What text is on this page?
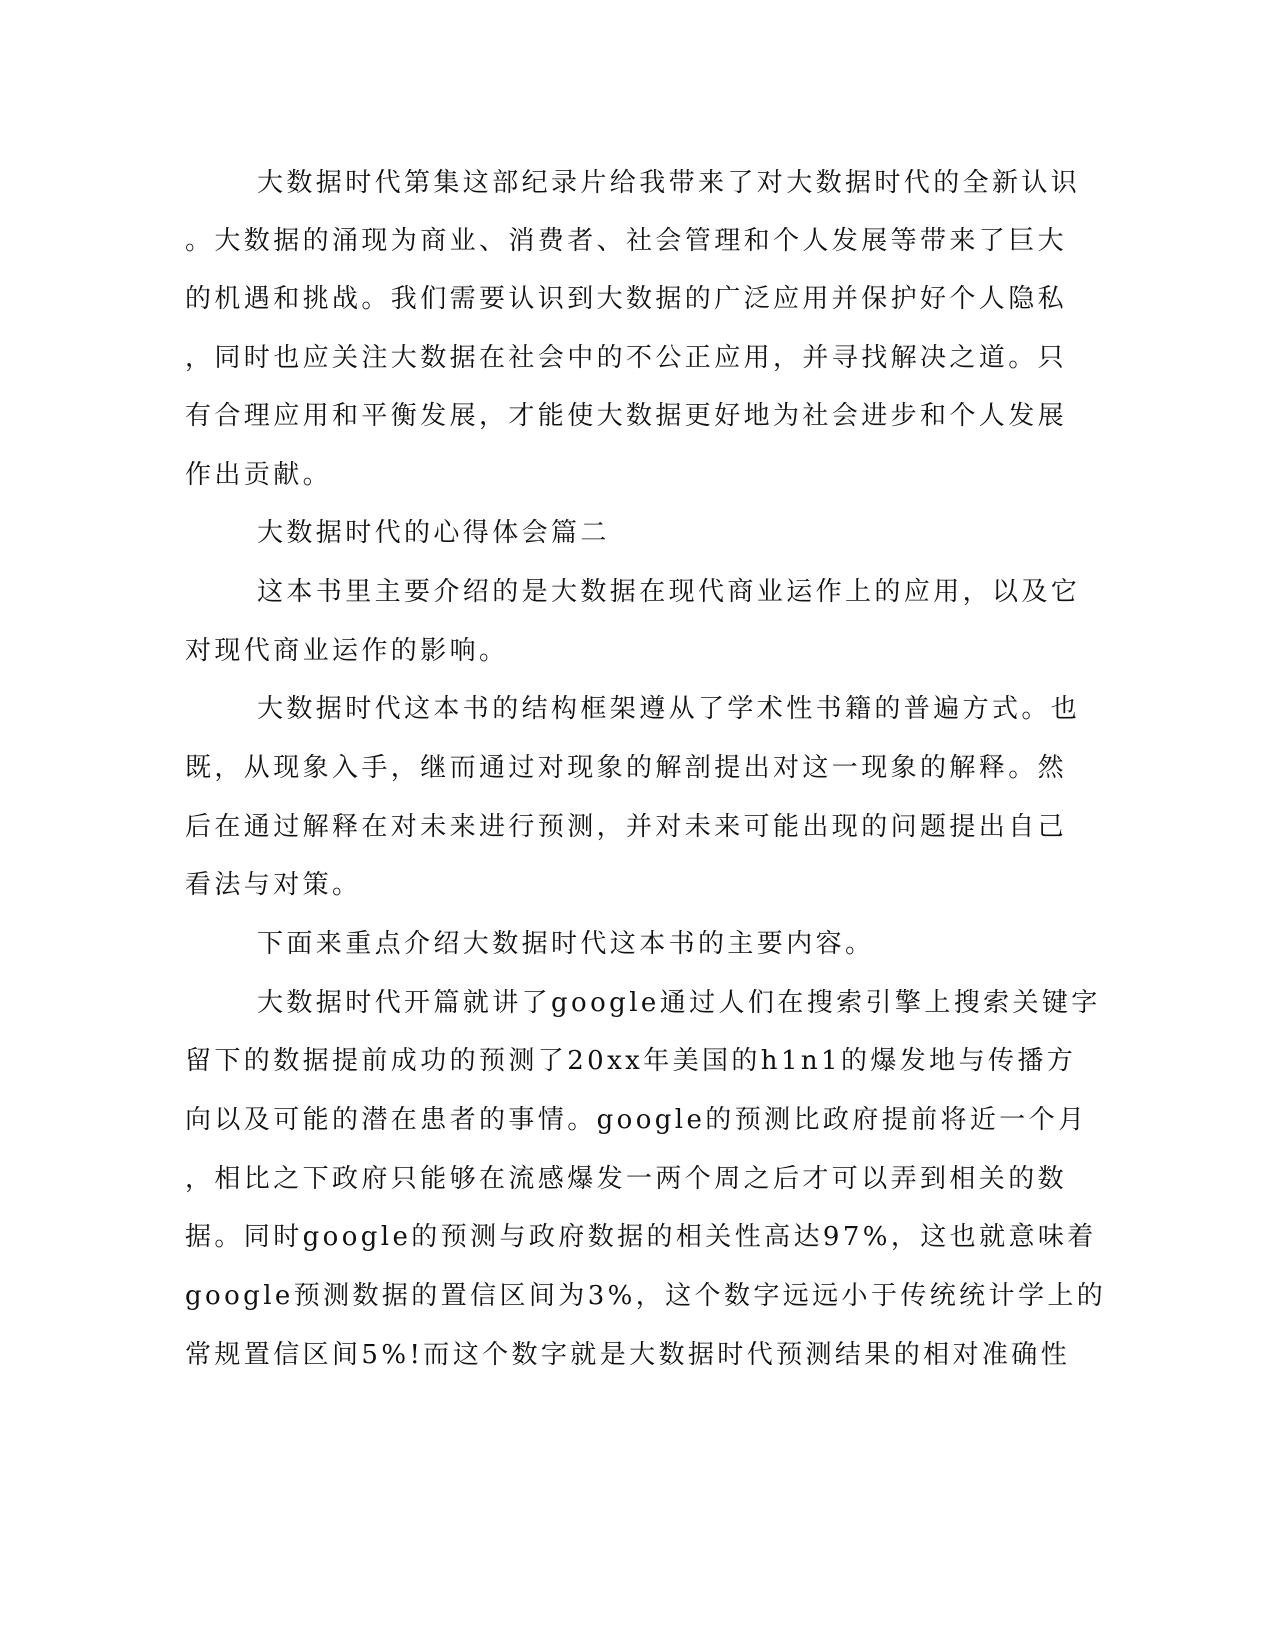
大数据时代第集这部纪录片给我带来了对大数据时代的全新认识
。大数据的涌现为商业、消费者、社会管理和个人发展等带来了巨大
的机遇和挑战。我们需要认识到大数据的广泛应用并保护好个人隐私
，同时也应关注大数据在社会中的不公正应用，并寻找解决之道。只
有合理应用和平衡发展，才能使大数据更好地为社会进步和个人发展
作出贡献。
大数据时代的心得体会篇二
这本书里主要介绍的是大数据在现代商业运作上的应用，以及它
对现代商业运作的影响。
大数据时代这本书的结构框架遵从了学术性书籍的普遍方式。也
既，从现象入手，继而通过对现象的解剖提出对这一现象的解释。然
后在通过解释在对未来进行预测，并对未来可能出现的问题提出自己
看法与对策。
下面来重点介绍大数据时代这本书的主要内容。
大数据时代开篇就讲了google通过人们在搜索引擎上搜索关键字
留下的数据提前成功的预测了20xx年美国的h1n1的爆发地与传播方
向以及可能的潜在患者的事情。google的预测比政府提前将近一个月
，相比之下政府只能够在流感爆发一两个周之后才可以弄到相关的数
据。同时google的预测与政府数据的相关性高达97%，这也就意味着
google预测数据的置信区间为3%，这个数字远远小于传统统计学上的
常规置信区间5%!而这个数字就是大数据时代预测结果的相对准确性
